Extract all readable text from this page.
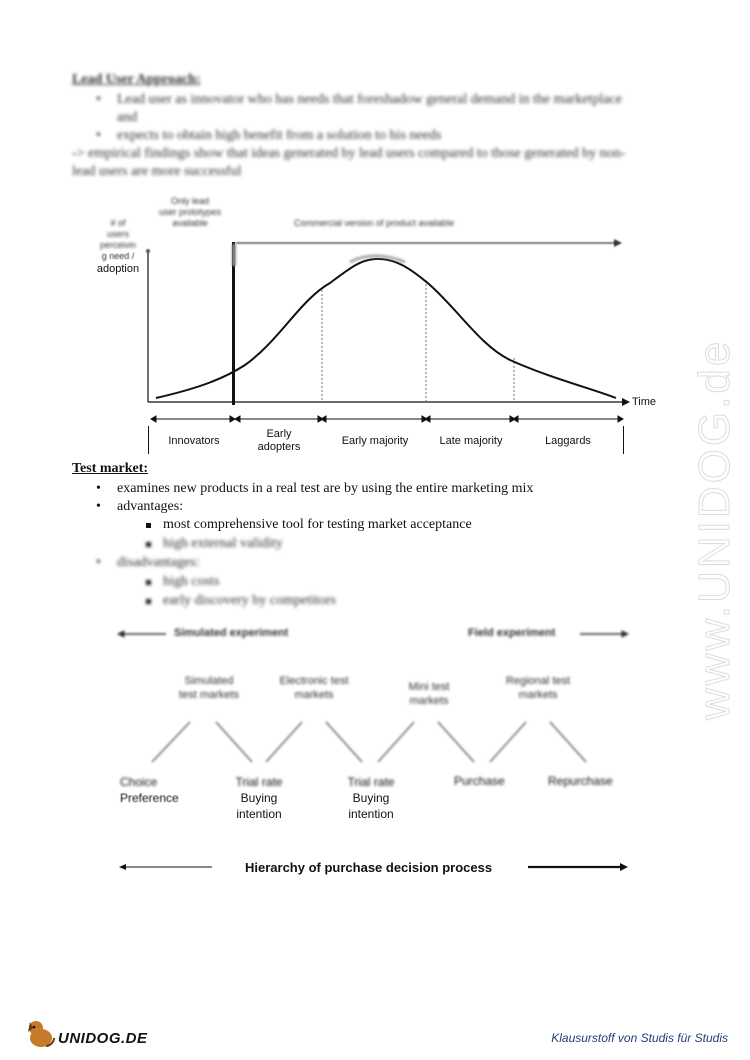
Lead User Approach:
• Lead user as innovator who has needs that foreshadow general demand in the marketplace
and
• expects to obtain high benefit from a solution to his needs
-> empirical findings show that ideas generated by lead users compared to those generated by non-
lead users are more successful
Only lead
user prototypes
available	Commercial version of product available
# of
users
perceivin
g need /
adoption
Time
Innovators
Early
adopters	Early majority	Late majority	Laggards
Test market:
• examines new products in a real test are by using the entire marketing mix
• advantages:
most comprehensive tool for testing market acceptance
high external validity
• disadvantages:
high costs
early discovery by competitors
Simulated experiment	Field experiment
Simulated
test markets
Electronic test
markets
Mini test
markets
Regional test
markets
Choice
Preference
Trial rate
Buying
intention
Trial rate
Buying
intention
Purchase	Repurchase
Hierarchy of purchase decision process
www.UNIDOG.de
UNIDOG.DE	Klausurstoff von Studis für Studis
